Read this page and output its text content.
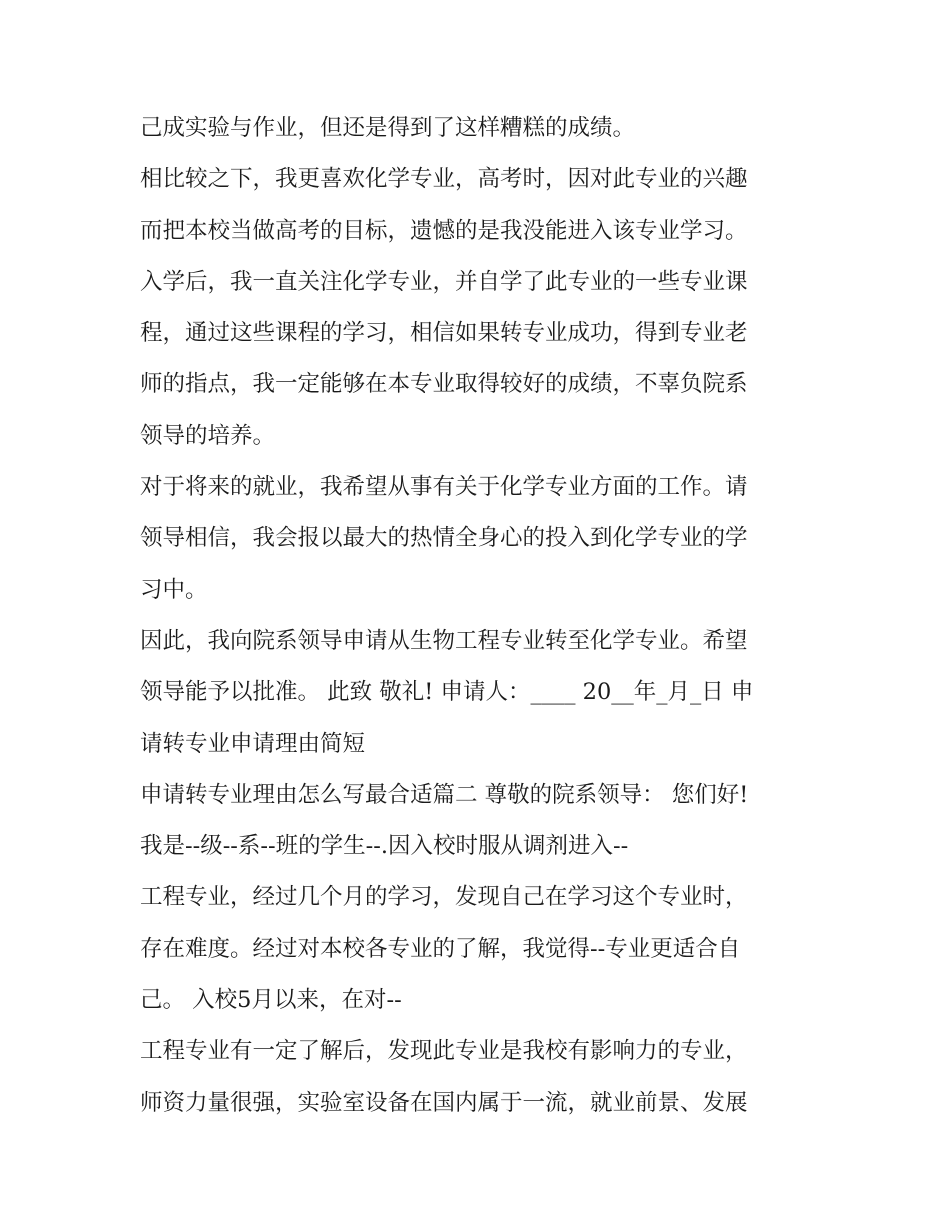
己成实验与作业，但还是得到了这样糟糕的成绩。
相比较之下，我更喜欢化学专业，高考时，因对此专业的兴趣
而把本校当做高考的目标，遗憾的是我没能进入该专业学习。
入学后，我一直关注化学专业，并自学了此专业的一些专业课
程，通过这些课程的学习，相信如果转专业成功，得到专业老
师的指点，我一定能够在本专业取得较好的成绩，不辜负院系
领导的培养。
对于将来的就业，我希望从事有关于化学专业方面的工作。请
领导相信，我会报以最大的热情全身心的投入到化学专业的学
习中。
因此，我向院系领导申请从生物工程专业转至化学专业。希望
领导能予以批准。 此致 敬礼! 申请人：____ 20__年_月_日 申
请转专业申请理由简短
申请转专业理由怎么写最合适篇二 尊敬的院系领导： 您们好!
我是--级--系--班的学生--.因入校时服从调剂进入--
工程专业，经过几个月的学习，发现自己在学习这个专业时，
存在难度。经过对本校各专业的了解，我觉得--专业更适合自
己。 入校5月以来，在对--
工程专业有一定了解后，发现此专业是我校有影响力的专业，
师资力量很强，实验室设备在国内属于一流，就业前景、发展
